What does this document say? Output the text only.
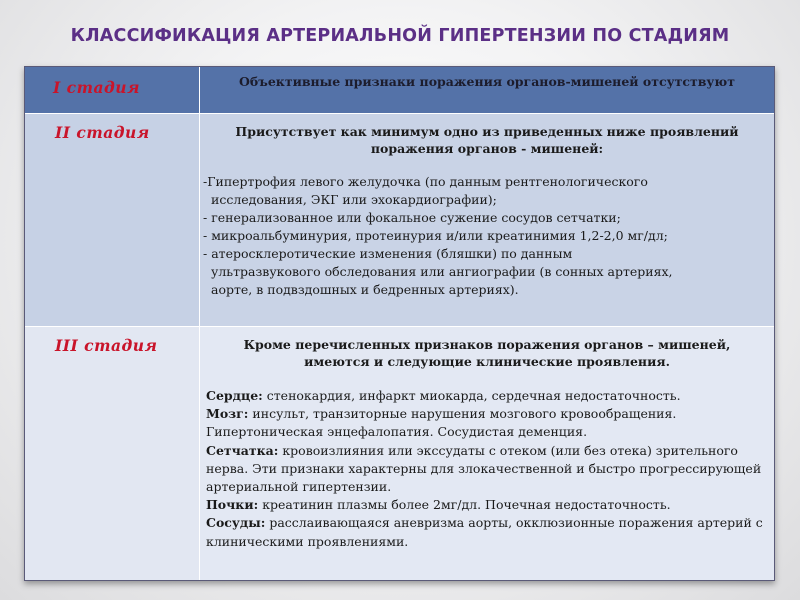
КЛАССИФИКАЦИЯ АРТЕРИАЛЬНОЙ ГИПЕРТЕНЗИИ ПО СТАДИЯМ
I стадия	Объективные признаки поражения органов-мишеней отсутствуют
II стадия	Присутствует как минимум одно из приведенных ниже проявлений поражения органов - мишеней:
-Гипертрофия левого желудочка (по данным рентгенологического
исследования, ЭКГ или эхокардиографии);
- генерализованное или фокальное сужение сосудов сетчатки;
- микроальбуминурия, протеинурия и/или креатинимия 1,2-2,0 мг/дл;
- атеросклеротические изменения (бляшки) по данным
ультразвукового обследования или ангиографии (в сонных артериях,
аорте, в подвздошных и бедренных артериях).
III стадия	Кроме перечисленных признаков поражения органов – мишеней, имеются и следующие клинические проявления.
Сердце: стенокардия, инфаркт миокарда, сердечная недостаточность.
Мозг: инсульт, транзиторные нарушения мозгового кровообращения. Гипертоническая энцефалопатия. Сосудистая деменция.
Сетчатка: кровоизлияния или экссудаты с отеком (или без отека) зрительного нерва. Эти признаки характерны для злокачественной и быстро прогрессирующей артериальной гипертензии.
Почки: креатинин плазмы более 2мг/дл. Почечная недостаточность.
Сосуды: расслаивающаяся аневризма аорты, окклюзионные поражения артерий с клиническими проявлениями.
